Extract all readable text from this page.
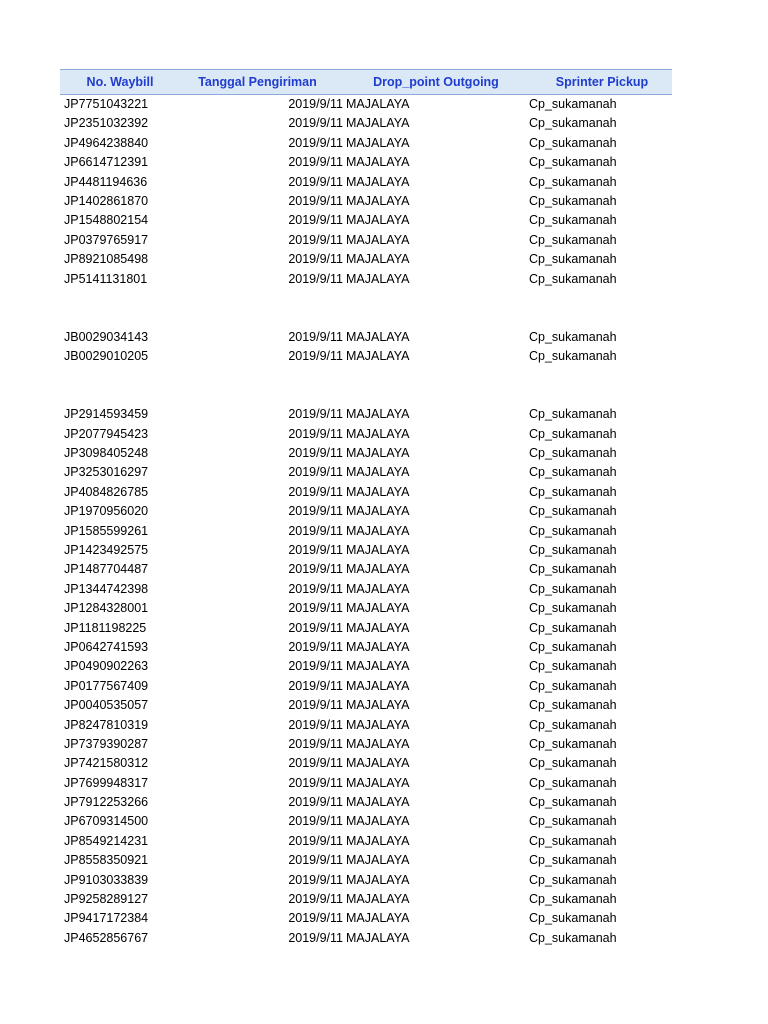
No. Waybill	Tanggal Pengiriman	Drop_point Outgoing	Sprinter Pickup
JP7751043221	2019/9/11 MAJALAYA	Cp_sukamanah
JP2351032392	2019/9/11 MAJALAYA	Cp_sukamanah
JP4964238840	2019/9/11 MAJALAYA	Cp_sukamanah
JP6614712391	2019/9/11 MAJALAYA	Cp_sukamanah
JP4481194636	2019/9/11 MAJALAYA	Cp_sukamanah
JP1402861870	2019/9/11 MAJALAYA	Cp_sukamanah
JP1548802154	2019/9/11 MAJALAYA	Cp_sukamanah
JP0379765917	2019/9/11 MAJALAYA	Cp_sukamanah
JP8921085498	2019/9/11 MAJALAYA	Cp_sukamanah
JP5141131801	2019/9/11 MAJALAYA	Cp_sukamanah
JB0029034143	2019/9/11 MAJALAYA	Cp_sukamanah
JB0029010205	2019/9/11 MAJALAYA	Cp_sukamanah
JP2914593459	2019/9/11 MAJALAYA	Cp_sukamanah
JP2077945423	2019/9/11 MAJALAYA	Cp_sukamanah
JP3098405248	2019/9/11 MAJALAYA	Cp_sukamanah
JP3253016297	2019/9/11 MAJALAYA	Cp_sukamanah
JP4084826785	2019/9/11 MAJALAYA	Cp_sukamanah
JP1970956020	2019/9/11 MAJALAYA	Cp_sukamanah
JP1585599261	2019/9/11 MAJALAYA	Cp_sukamanah
JP1423492575	2019/9/11 MAJALAYA	Cp_sukamanah
JP1487704487	2019/9/11 MAJALAYA	Cp_sukamanah
JP1344742398	2019/9/11 MAJALAYA	Cp_sukamanah
JP1284328001	2019/9/11 MAJALAYA	Cp_sukamanah
JP1181198225	2019/9/11 MAJALAYA	Cp_sukamanah
JP0642741593	2019/9/11 MAJALAYA	Cp_sukamanah
JP0490902263	2019/9/11 MAJALAYA	Cp_sukamanah
JP0177567409	2019/9/11 MAJALAYA	Cp_sukamanah
JP0040535057	2019/9/11 MAJALAYA	Cp_sukamanah
JP8247810319	2019/9/11 MAJALAYA	Cp_sukamanah
JP7379390287	2019/9/11 MAJALAYA	Cp_sukamanah
JP7421580312	2019/9/11 MAJALAYA	Cp_sukamanah
JP7699948317	2019/9/11 MAJALAYA	Cp_sukamanah
JP7912253266	2019/9/11 MAJALAYA	Cp_sukamanah
JP6709314500	2019/9/11 MAJALAYA	Cp_sukamanah
JP8549214231	2019/9/11 MAJALAYA	Cp_sukamanah
JP8558350921	2019/9/11 MAJALAYA	Cp_sukamanah
JP9103033839	2019/9/11 MAJALAYA	Cp_sukamanah
JP9258289127	2019/9/11 MAJALAYA	Cp_sukamanah
JP9417172384	2019/9/11 MAJALAYA	Cp_sukamanah
JP4652856767	2019/9/11 MAJALAYA	Cp_sukamanah
